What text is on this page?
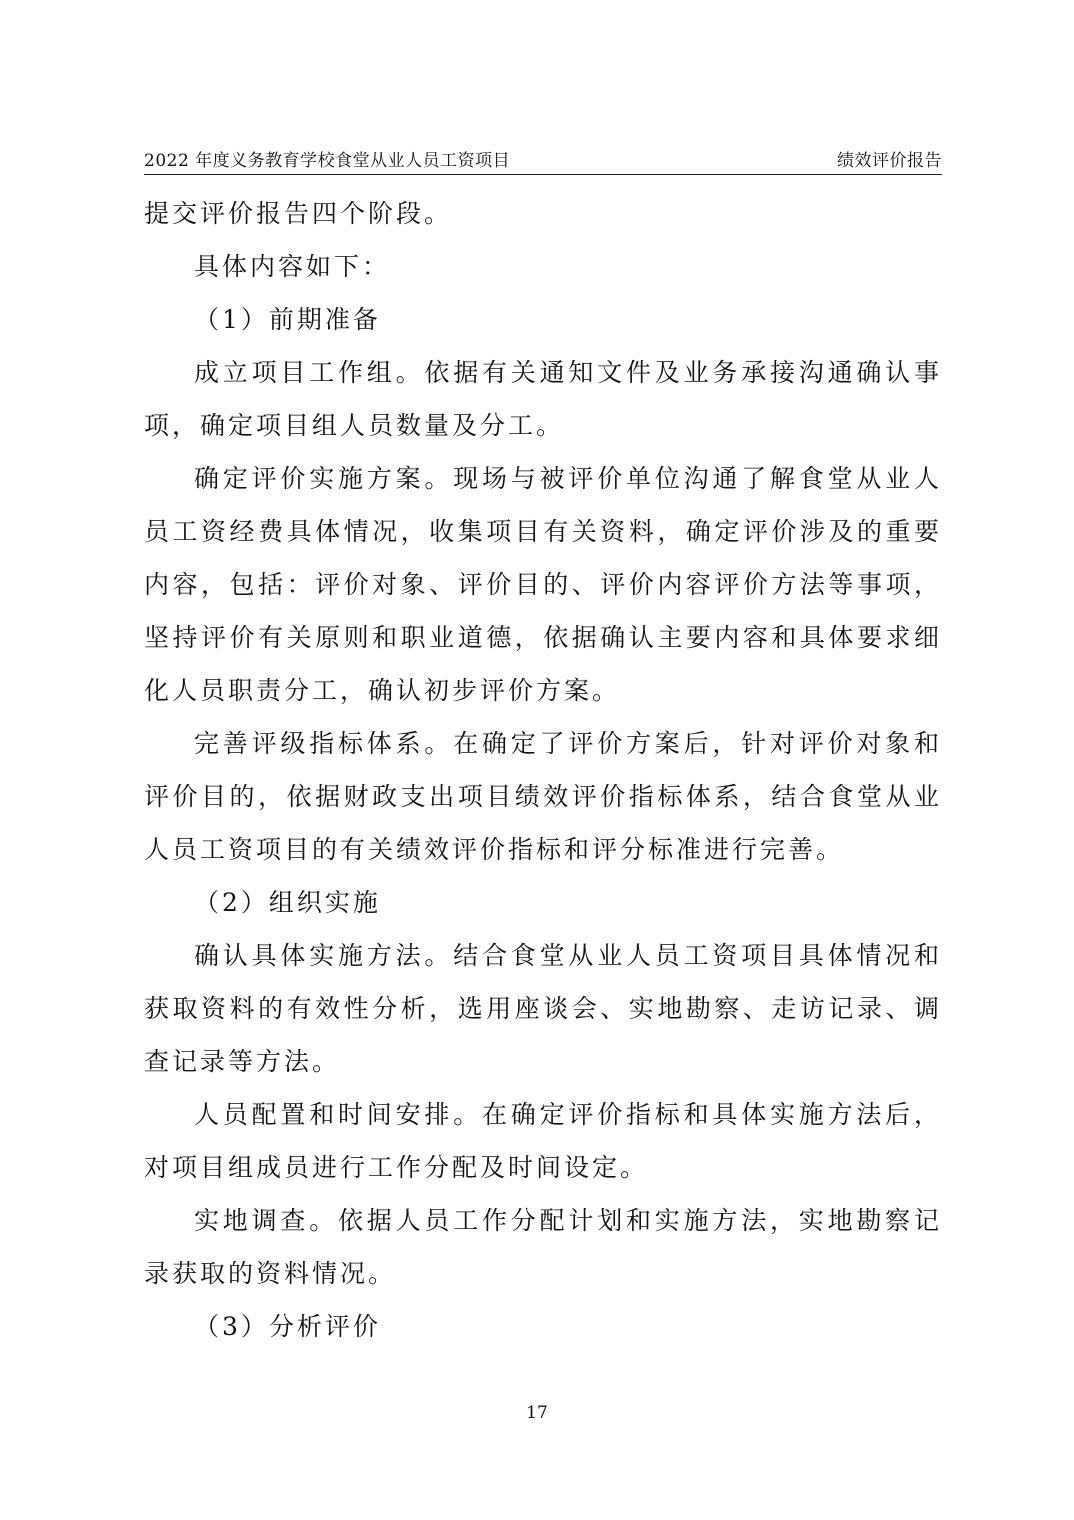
2022 年度义务教育学校食堂从业人员工资项目	绩效评价报告

提交评价报告四个阶段。

具体内容如下：

（1）前期准备

成立项目工作组。依据有关通知文件及业务承接沟通确认事项，确定项目组人员数量及分工。

确定评价实施方案。现场与被评价单位沟通了解食堂从业人员工资经费具体情况，收集项目有关资料，确定评价涉及的重要内容，包括：评价对象、评价目的、评价内容评价方法等事项，坚持评价有关原则和职业道德，依据确认主要内容和具体要求细化人员职责分工，确认初步评价方案。

完善评级指标体系。在确定了评价方案后，针对评价对象和评价目的，依据财政支出项目绩效评价指标体系，结合食堂从业人员工资项目的有关绩效评价指标和评分标准进行完善。

（2）组织实施

确认具体实施方法。结合食堂从业人员工资项目具体情况和获取资料的有效性分析，选用座谈会、实地勘察、走访记录、调查记录等方法。

人员配置和时间安排。在确定评价指标和具体实施方法后，对项目组成员进行工作分配及时间设定。

实地调查。依据人员工作分配计划和实施方法，实地勘察记录获取的资料情况。

（3）分析评价

17
